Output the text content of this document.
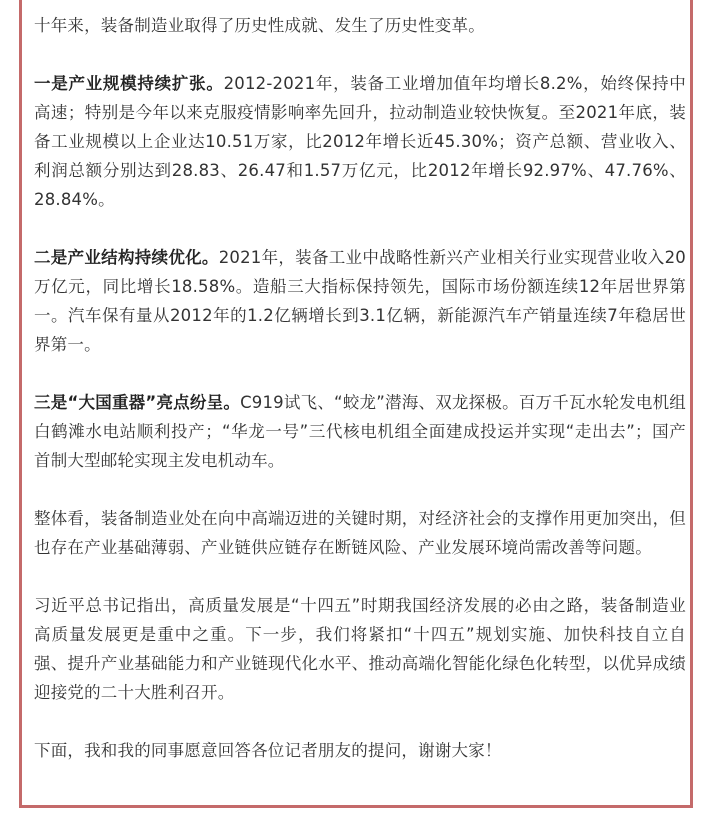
十年来，装备制造业取得了历史性成就、发生了历史性变革。

一是产业规模持续扩张。2012-2021年，装备工业增加值年均增长8.2%，始终保持中高速；特别是今年以来克服疫情影响率先回升，拉动制造业较快恢复。至2021年底，装备工业规模以上企业达10.51万家，比2012年增长近45.30%；资产总额、营业收入、利润总额分别达到28.83、26.47和1.57万亿元，比2012年增长92.97%、47.76%、28.84%。

二是产业结构持续优化。2021年，装备工业中战略性新兴产业相关行业实现营业收入20万亿元，同比增长18.58%。造船三大指标保持领先，国际市场份额连续12年居世界第一。汽车保有量从2012年的1.2亿辆增长到3.1亿辆，新能源汽车产销量连续7年稳居世界第一。

三是“大国重器”亮点纷呈。C919试飞、“蛟龙”潜海、双龙探极。百万千瓦水轮发电机组白鹤滩水电站顺利投产；“华龙一号”三代核电机组全面建成投运并实现“走出去”；国产首制大型邮轮实现主发电机动车。

整体看，装备制造业处在向中高端迈进的关键时期，对经济社会的支撑作用更加突出，但也存在产业基础薄弱、产业链供应链存在断链风险、产业发展环境尚需改善等问题。

习近平总书记指出，高质量发展是“十四五”时期我国经济发展的必由之路，装备制造业高质量发展更是重中之重。下一步，我们将紧扣“十四五”规划实施、加快科技自立自强、提升产业基础能力和产业链现代化水平、推动高端化智能化绿色化转型，以优异成绩迎接党的二十大胜利召开。

下面，我和我的同事愿意回答各位记者朋友的提问，谢谢大家！
